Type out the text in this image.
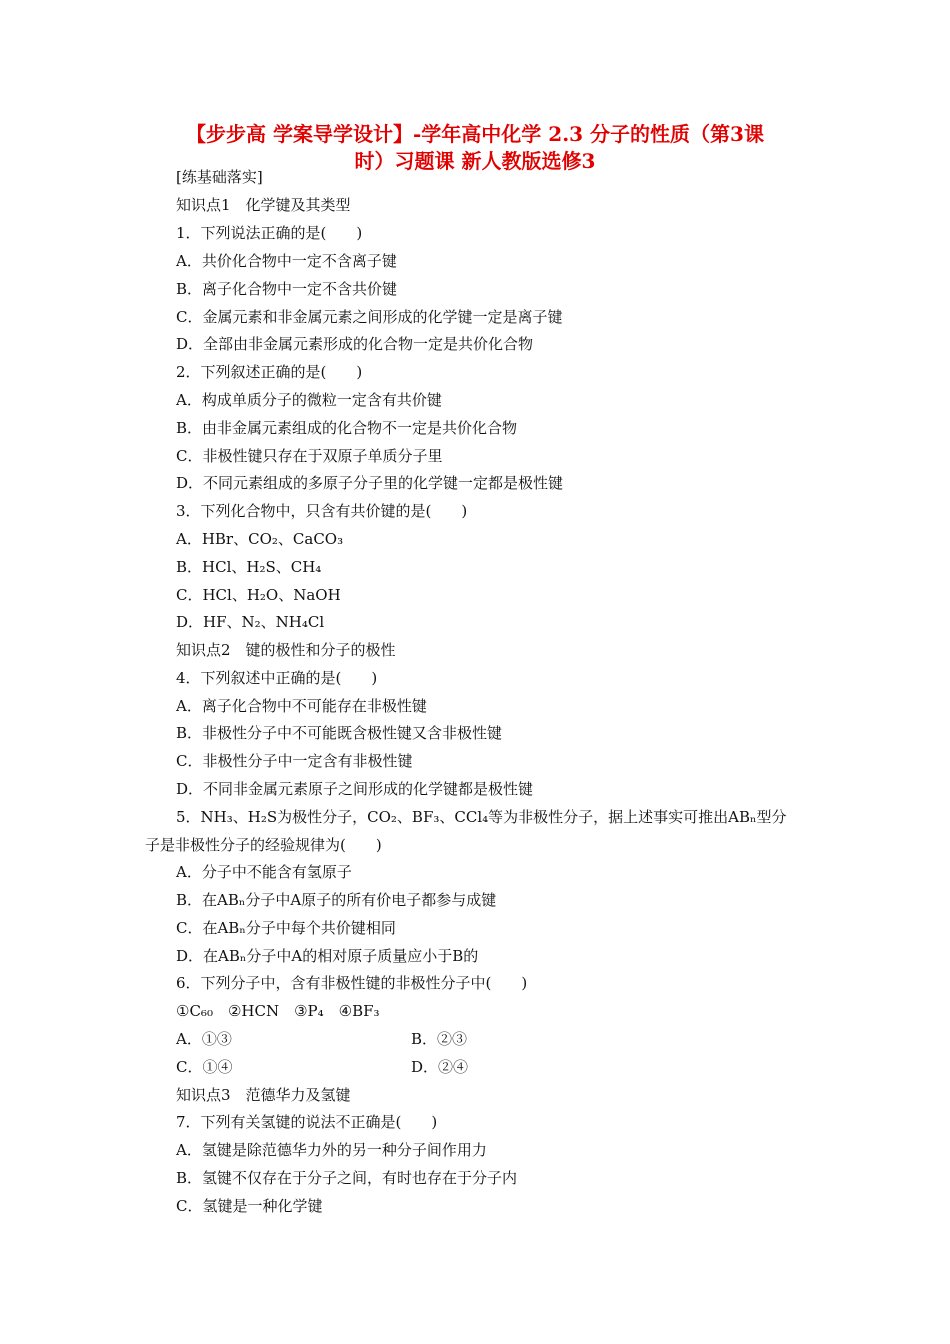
【步步高 学案导学设计】-学年高中化学 2.3 分子的性质（第3课
时）习题课 新人教版选修3
[练基础落实]
知识点1　化学键及其类型
1．下列说法正确的是(　　)
A．共价化合物中一定不含离子键
B．离子化合物中一定不含共价键
C．金属元素和非金属元素之间形成的化学键一定是离子键
D．全部由非金属元素形成的化合物一定是共价化合物
2．下列叙述正确的是(　　)
A．构成单质分子的微粒一定含有共价键
B．由非金属元素组成的化合物不一定是共价化合物
C．非极性键只存在于双原子单质分子里
D．不同元素组成的多原子分子里的化学键一定都是极性键
3．下列化合物中，只含有共价键的是(　　)
A．HBr、CO₂、CaCO₃
B．HCl、H₂S、CH₄
C．HCl、H₂O、NaOH
D．HF、N₂、NH₄Cl
知识点2　键的极性和分子的极性
4．下列叙述中正确的是(　　)
A．离子化合物中不可能存在非极性键
B．非极性分子中不可能既含极性键又含非极性键
C．非极性分子中一定含有非极性键
D．不同非金属元素原子之间形成的化学键都是极性键
5．NH₃、H₂S为极性分子，CO₂、BF₃、CCl₄等为非极性分子，据上述事实可推出ABₙ型分
子是非极性分子的经验规律为(　　)
A．分子中不能含有氢原子
B．在ABₙ分子中A原子的所有价电子都参与成键
C．在ABₙ分子中每个共价键相同
D．在ABₙ分子中A的相对原子质量应小于B的
6．下列分子中，含有非极性键的非极性分子中(　　)
①C₆₀　②HCN　③P₄　④BF₃
A．①③	B．②③
C．①④	D．②④
知识点3　范德华力及氢键
7．下列有关氢键的说法不正确是(　　)
A．氢键是除范德华力外的另一种分子间作用力
B．氢键不仅存在于分子之间，有时也存在于分子内
C．氢键是一种化学键
